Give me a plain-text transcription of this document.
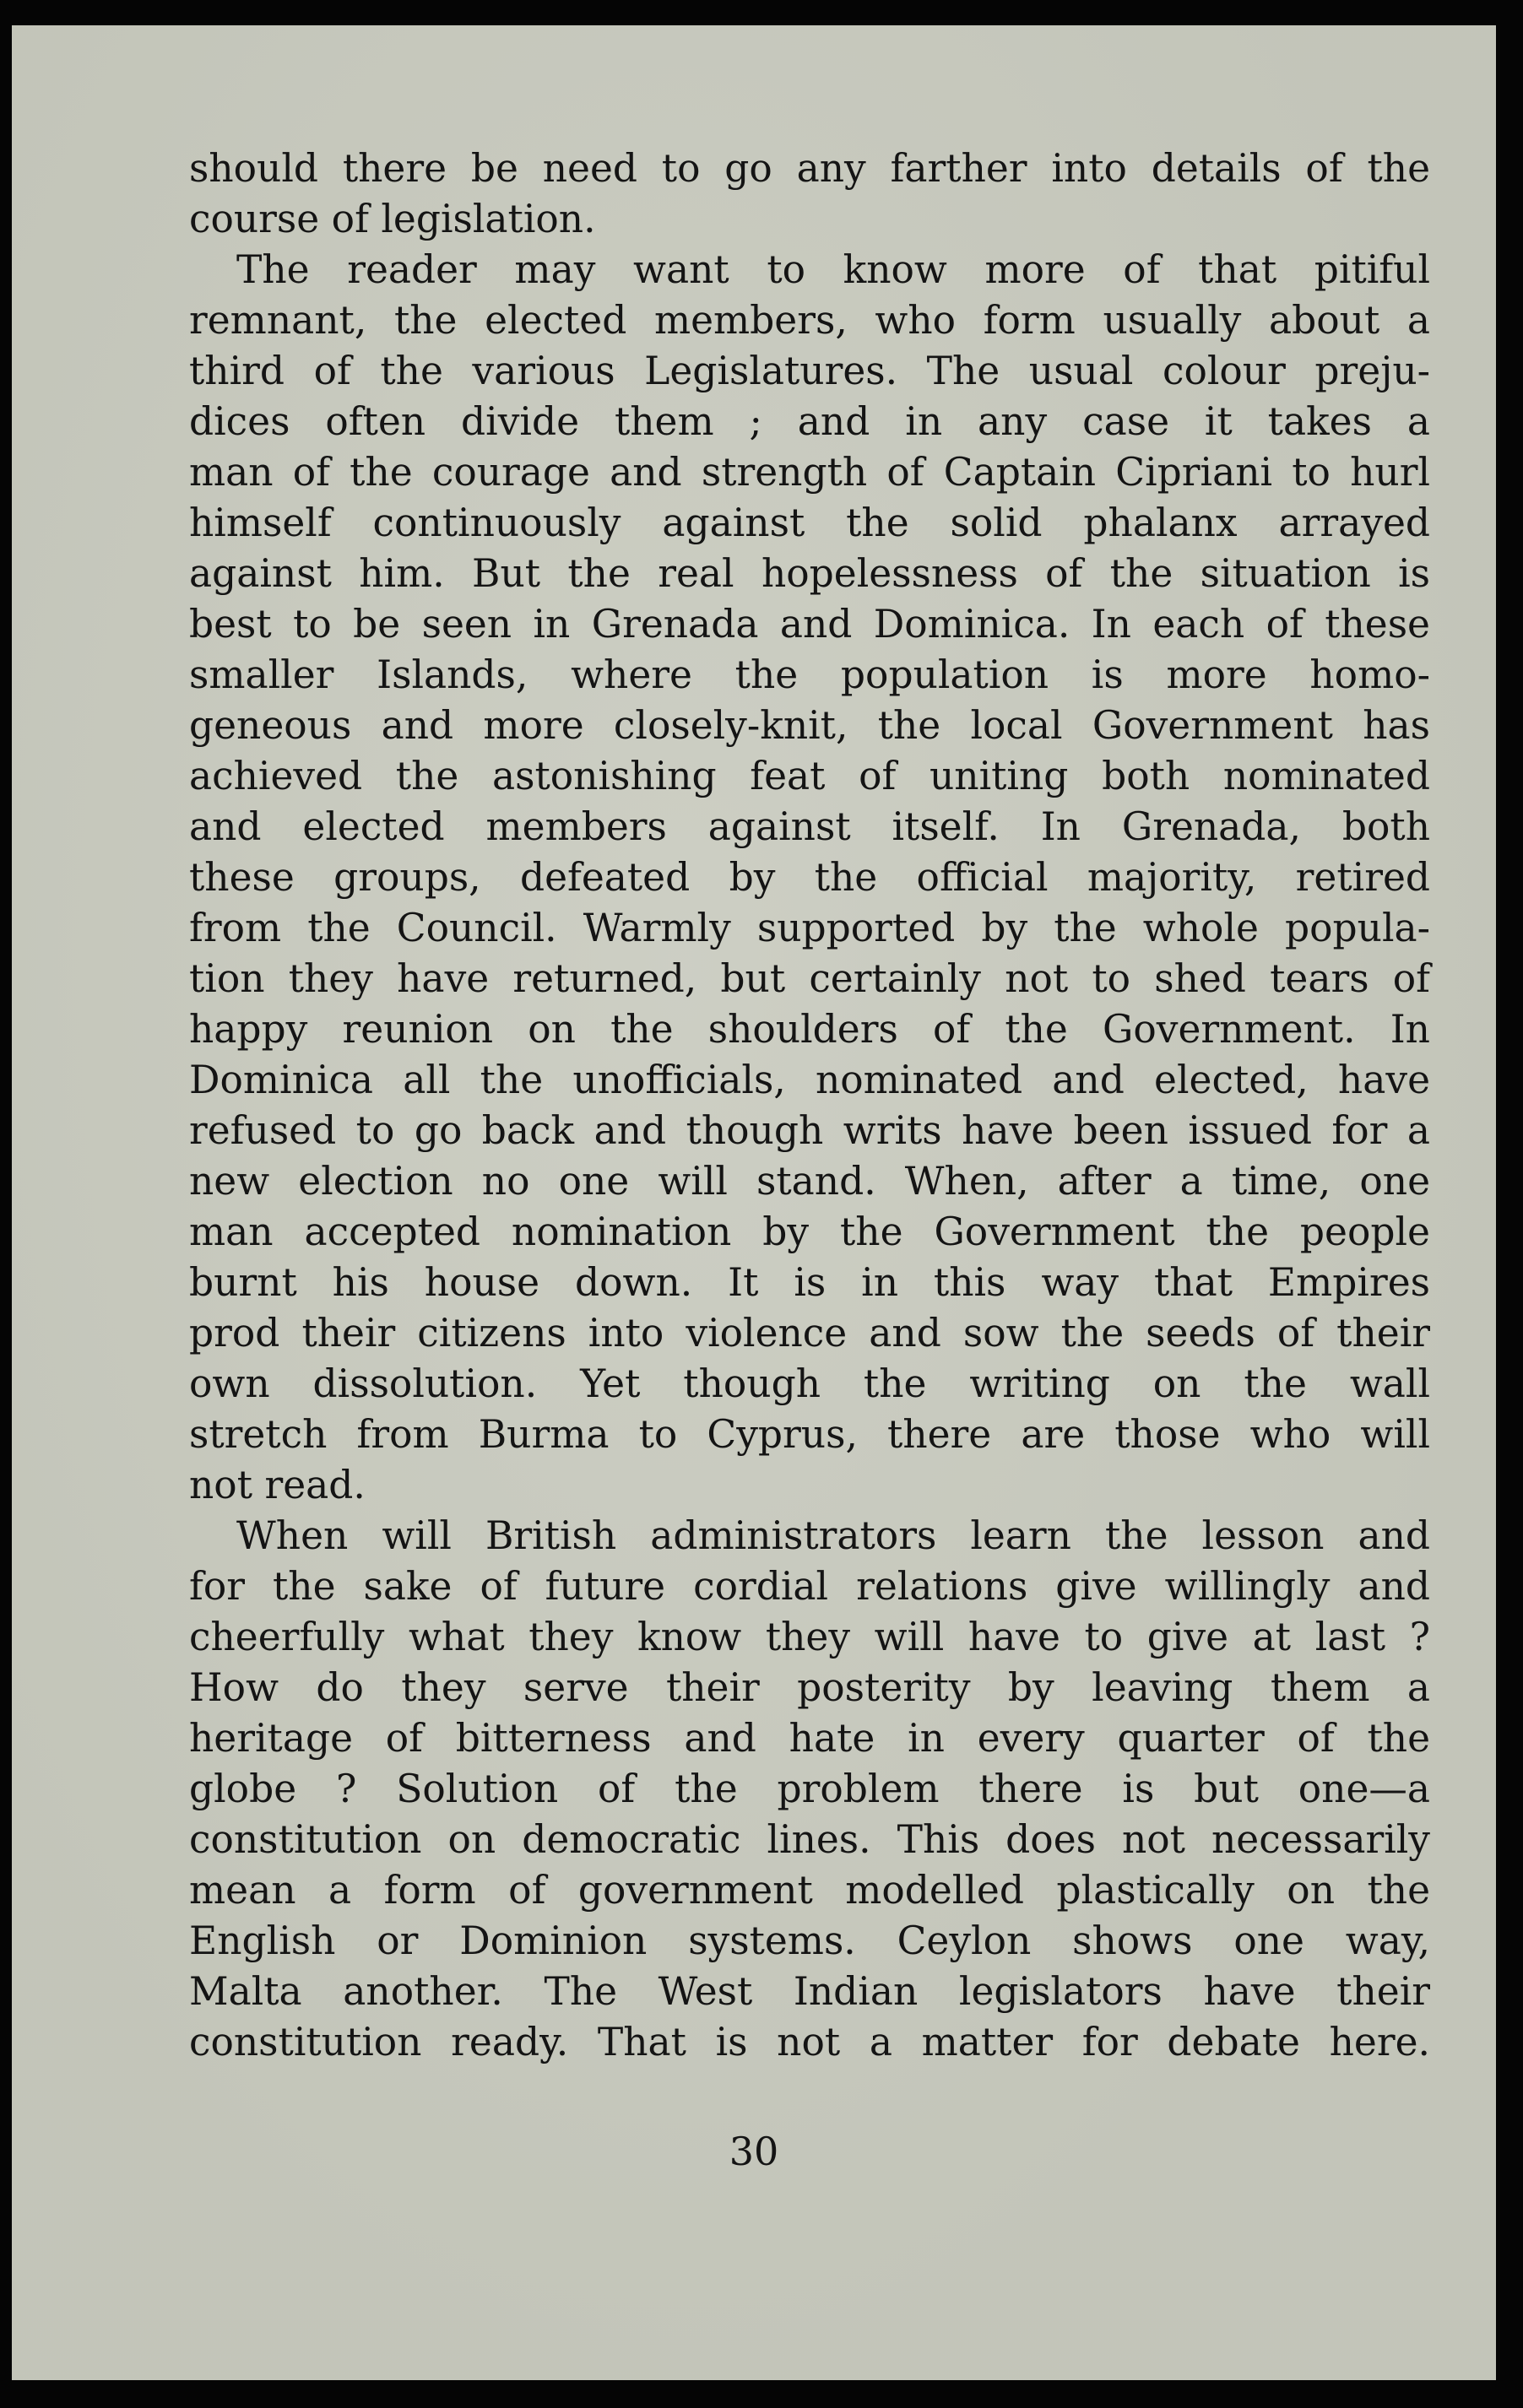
should there be need to go any farther into details of the
course of legislation.
The reader may want to know more of that pitiful
remnant, the elected members, who form usually about a
third of the various Legislatures. The usual colour preju-
dices often divide them ; and in any case it takes a
man of the courage and strength of Captain Cipriani to hurl
himself continuously against the solid phalanx arrayed
against him. But the real hopelessness of the situation is
best to be seen in Grenada and Dominica. In each of these
smaller Islands, where the population is more homo-
geneous and more closely-knit, the local Government has
achieved the astonishing feat of uniting both nominated
and elected members against itself. In Grenada, both
these groups, defeated by the official majority, retired
from the Council. Warmly supported by the whole popula-
tion they have returned, but certainly not to shed tears of
happy reunion on the shoulders of the Government. In
Dominica all the unofficials, nominated and elected, have
refused to go back and though writs have been issued for a
new election no one will stand. When, after a time, one
man accepted nomination by the Government the people
burnt his house down. It is in this way that Empires
prod their citizens into violence and sow the seeds of their
own dissolution. Yet though the writing on the wall
stretch from Burma to Cyprus, there are those who will
not read.
When will British administrators learn the lesson and
for the sake of future cordial relations give willingly and
cheerfully what they know they will have to give at last ?
How do they serve their posterity by leaving them a
heritage of bitterness and hate in every quarter of the
globe ? Solution of the problem there is but one—a
constitution on democratic lines. This does not necessarily
mean a form of government modelled plastically on the
English or Dominion systems. Ceylon shows one way,
Malta another. The West Indian legislators have their
constitution ready. That is not a matter for debate here.
30
